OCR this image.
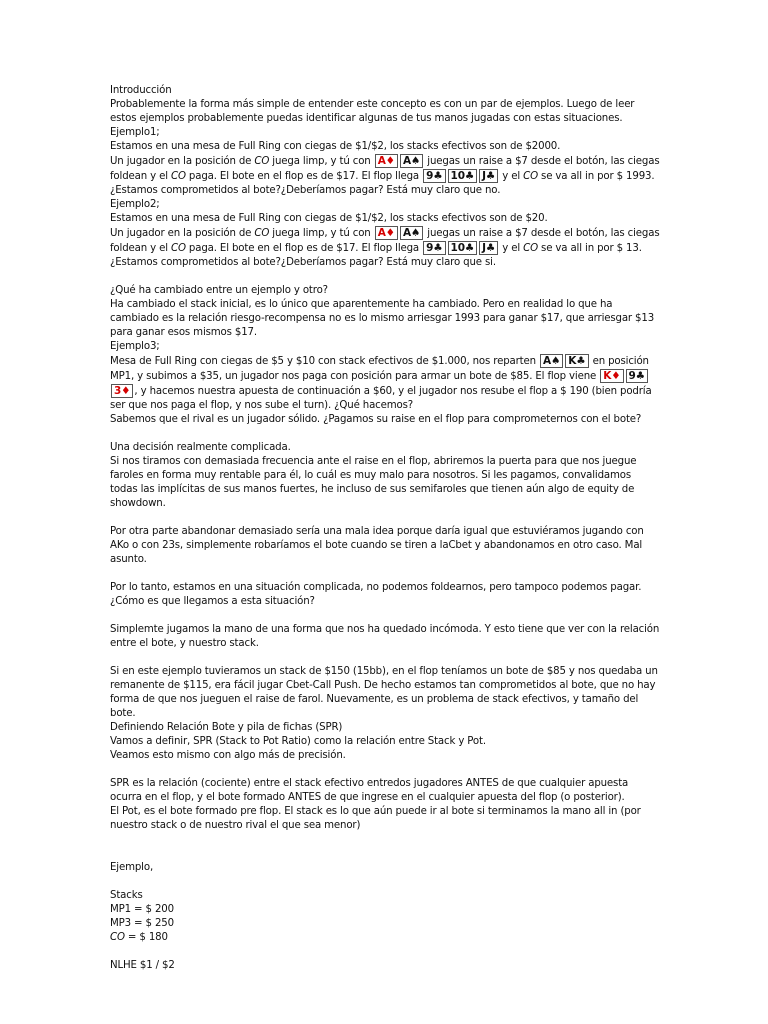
Introducción

Probablemente la forma más simple de entender este concepto es con un par de ejemplos. Luego de leer estos ejemplos probablemente puedas identificar algunas de tus manos jugadas con estas situaciones.

Ejemplo1;

Estamos en una mesa de Full Ring con ciegas de $1/$2, los stacks efectivos son de $2000.

Un jugador en la posición de CO juega limp, y tú con A♦ A♠ juegas un raise a $7 desde el botón, las ciegas foldean y el CO paga. El bote en el flop es de $17. El flop llega 9♣ 10♣ J♣ y el CO se va all in por $ 1993.

¿Estamos comprometidos al bote?¿Deberíamos pagar? Está muy claro que no.

Ejemplo2;

Estamos en una mesa de Full Ring con ciegas de $1/$2, los stacks efectivos son de $20.

Un jugador en la posición de CO juega limp, y tú con A♦ A♠ juegas un raise a $7 desde el botón, las ciegas foldean y el CO paga. El bote en el flop es de $17. El flop llega 9♣ 10♣ J♣ y el CO se va all in por $ 13.

¿Estamos comprometidos al bote?¿Deberíamos pagar? Está muy claro que si.

¿Qué ha cambiado entre un ejemplo y otro?

Ha cambiado el stack inicial, es lo único que aparentemente ha cambiado. Pero en realidad lo que ha cambiado es la relación riesgo-recompensa no es lo mismo arriesgar 1993 para ganar $17, que arriesgar $13 para ganar esos mismos $17.

Ejemplo3;

Mesa de Full Ring con ciegas de $5 y $10 con stack efectivos de $1.000, nos reparten A♠ K♣ en posición MP1, y subimos a $35, un jugador nos paga con posición para armar un bote de $85. El flop viene K♦ 9♣3♦ , y hacemos nuestra apuesta de continuación a $60, y el jugador nos resube el flop a $ 190 (bien podría ser que nos paga el flop, y nos sube el turn). ¿Qué hacemos?

Sabemos que el rival es un jugador sólido. ¿Pagamos su raise en el flop para comprometernos con el bote?

Una decisión realmente complicada.

Si nos tiramos con demasiada frecuencia ante el raise en el flop, abriremos la puerta para que nos juegue faroles en forma muy rentable para él, lo cuál es muy malo para nosotros. Si les pagamos, convalidamos todas las implícitas de sus manos fuertes, he incluso de sus semifaroles que tienen aún algo de equity de showdown.

Por otra parte abandonar demasiado sería una mala idea porque daría igual que estuviéramos jugando con AKo o con 23s, simplemente robaríamos el bote cuando se tiren a laCbet y abandonamos en otro caso. Mal asunto.

Por lo tanto, estamos en una situación complicada, no podemos foldearnos, pero tampoco podemos pagar. ¿Cómo es que llegamos a esta situación?

Simplemte jugamos la mano de una forma que nos ha quedado incómoda. Y esto tiene que ver con la relación entre el bote, y nuestro stack.

Si en este ejemplo tuvieramos un stack de $150 (15bb), en el flop teníamos un bote de $85 y nos quedaba un remanente de $115, era fácil jugar Cbet-Call Push. De hecho estamos tan comprometidos al bote, que no hay forma de que nos jueguen el raise de farol. Nuevamente, es un problema de stack efectivos, y tamaño del bote.

Definiendo Relación Bote y pila de fichas (SPR)

Vamos a definir, SPR (Stack to Pot Ratio) como la relación entre Stack y Pot.

Veamos esto mismo con algo más de precisión.

SPR es la relación (cociente) entre el stack efectivo entredos jugadores ANTES de que cualquier apuesta ocurra en el flop, y el bote formado ANTES de que ingrese en el cualquier apuesta del flop (o posterior).

El Pot, es el bote formado pre flop. El stack es lo que aún puede ir al bote si terminamos la mano all in (por nuestro stack o de nuestro rival el que sea menor)

Ejemplo,

Stacks

MP1 = $ 200

MP3 = $ 250

CO = $ 180

NLHE $1 / $2
